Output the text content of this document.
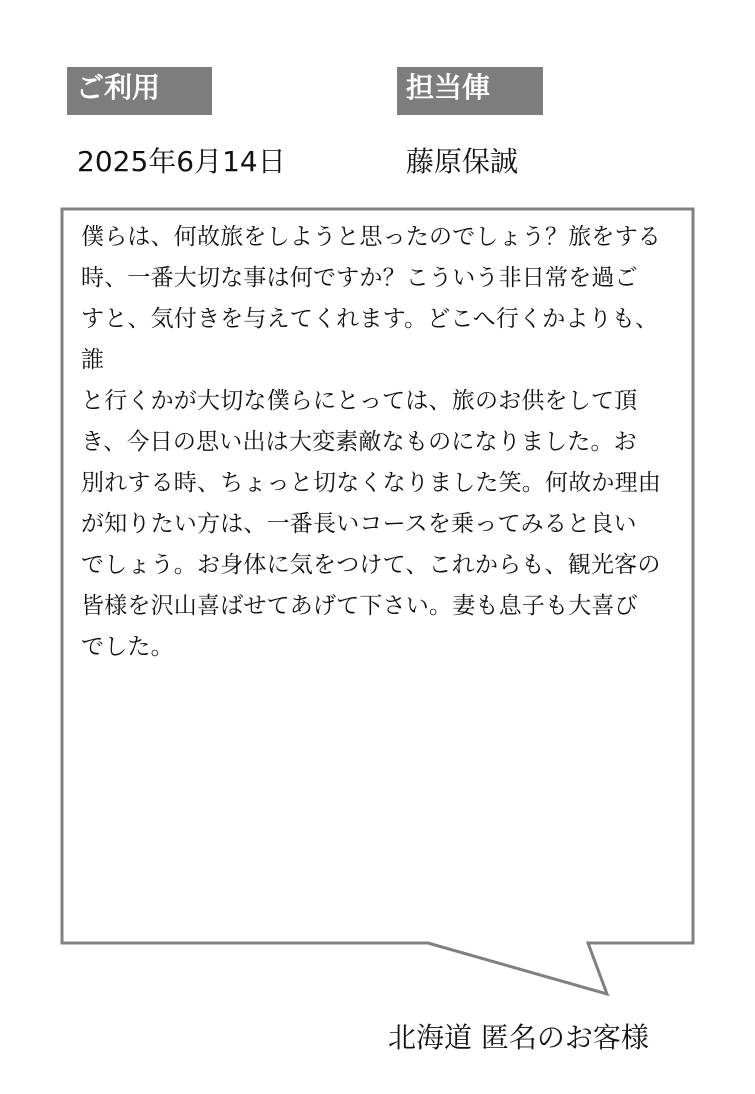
ご利用	担当俥
2025年6月14日	藤原保誠
僕らは、何故旅をしようと思ったのでしょう？旅をする
時、一番大切な事は何ですか？こういう非日常を過ご
すと、気付きを与えてくれます。どこへ行くかよりも、誰
と行くかが大切な僕らにとっては、旅のお供をして頂
き、今日の思い出は大変素敵なものになりました。お
別れする時、ちょっと切なくなりました笑。何故か理由
が知りたい方は、一番長いコースを乗ってみると良い
でしょう。お身体に気をつけて、これからも、観光客の
皆様を沢山喜ばせてあげて下さい。妻も息子も大喜び
でした。
北海道 匿名のお客様
